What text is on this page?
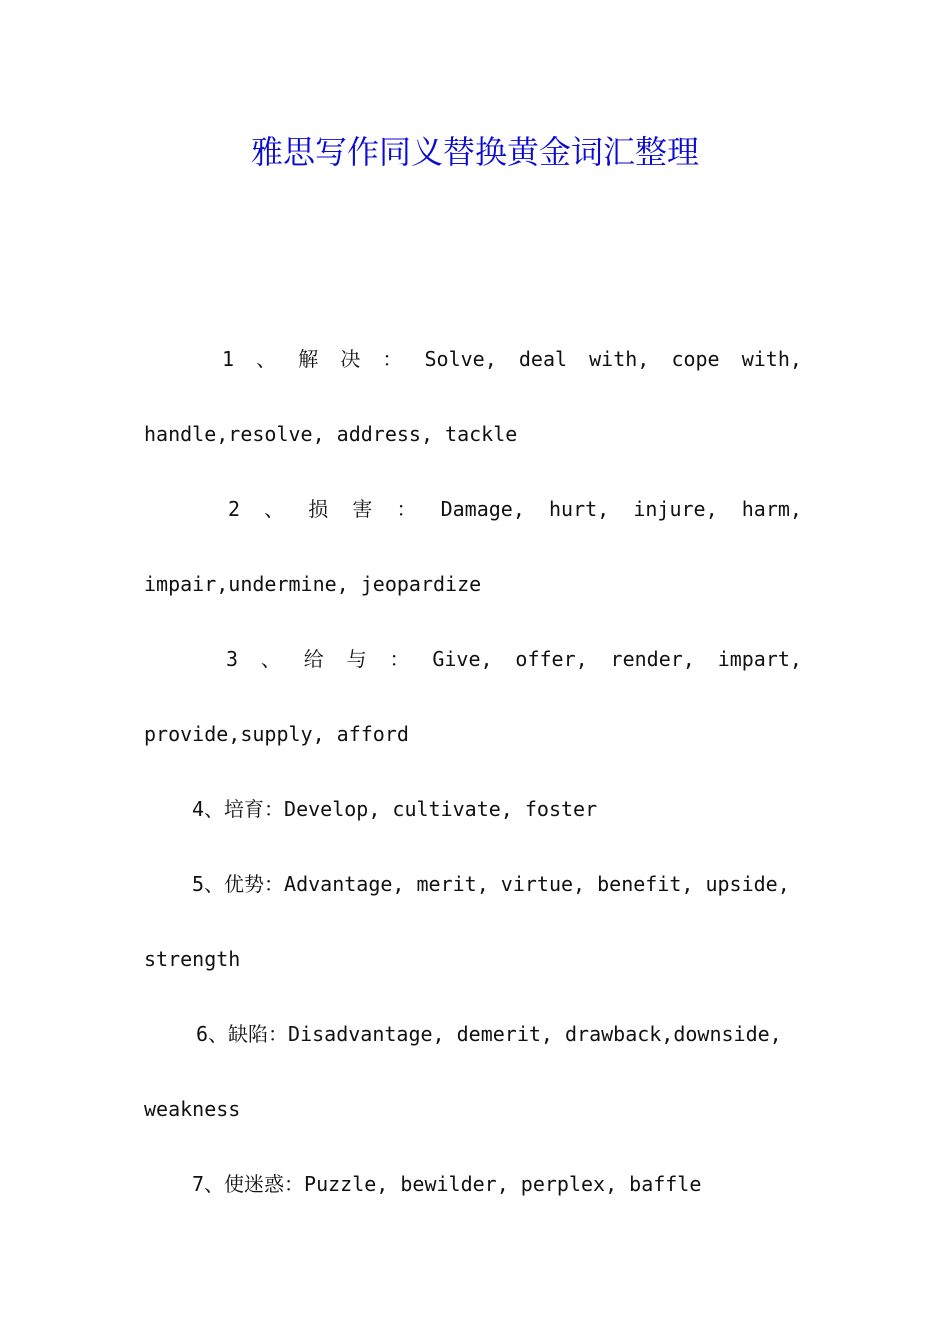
雅思写作同义替换黄金词汇整理
1 、 解 决 ： Solve, deal with, cope with,
handle,resolve, address, tackle
2 、 损 害 ： Damage, hurt, injure, harm,
impair,undermine, jeopardize
3 、 给 与 ： Give, offer, render, impart,
provide,supply, afford
4、培育：Develop, cultivate, foster
5、优势：Advantage, merit, virtue, benefit, upside,
strength
6、缺陷：Disadvantage, demerit, drawback,downside,
weakness
7、使迷惑：Puzzle, bewilder, perplex, baffle
